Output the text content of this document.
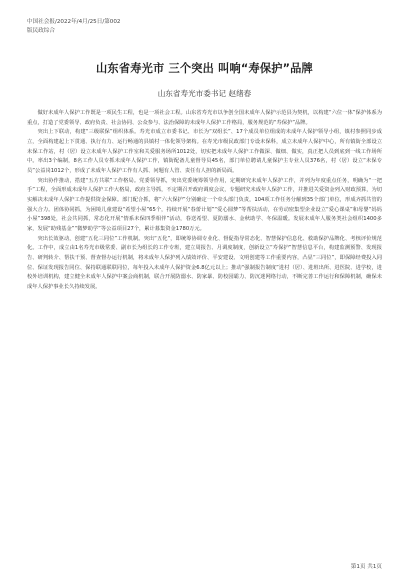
中国社会报/2022年/4月/25日/第002
版民政综合
山东省寿光市 三个突出 叫响“寿保护”品牌
山东省寿光市委书记 赵绪春

做好未成年人保护工作既是一项民生工程，也是一项社会工程。山东省寿光市以争创全国未成年人保护示范县为契机，以构建“六位一体”保护体系为重点，打造了党委领导、政府负责、社会协同、公众参与、法治保障的未成年人保护工作格局，服务规范的“寿保护”品牌。

突出上下联动，构建“三级联保”组织体系。寿光市成立市委书记、市长为“双组长”、17个成员单位组成的未成年人保护领导小组，镇村参照同步成立，全面构建起上下贯通、执行有力、运行畅通的县镇村一体化领导架构。在寿光市级民政部门专设未保科，成立未成年人保护中心，所有镇街全部设立未保工作站，村（居）设立未成年人保护工作室和关爱服务场所1012处，切实把未成年人保护工作做深、做细、做实，真正把人员到底到一线工作场所中。率出3个编制，8名工作人员专抓未成年人保护工作，镇街配备儿童督导员45名，部门单位聘请儿童保护主专业人员376名，村（居）设立“未保专员”公益岗1012个，形成了未成年人保护工作有人抓、问题有人管、责任有人担的新局面。

突出协作推动，搭建“五方共联”工作格局。党委领导抓，突出党委统筹领导作用，定期研究未成年人保护工作，并列为年度重点任务，明确为“一把手”工程，全面形成未成年人保护工作大格局，政府主导抓，不定期召开政府调度会议，专题研究未成年人保护工作，并推进关爱资金列入财政预算，为切实解决未成年人保护工作提供资金保障。部门配合抓，将“六大保护”分别确定一个牵头部门负责，104项工作任务分解到35个部门单位，形成齐抓共管的强大合力。团体协同抓，为困境儿童建设“希望小屋”65个，持续开展“春蕾计划”“爱心圆梦”等帮扶活动，在劳动密集型企业设立“爱心课桌”和母婴“妈妈小屋”398处，社会共同抓，常态化开展“情系未保四季相伴”活动，春送希望、夏防溺水、金秋助学、冬保温暖。发展未成年人服务类社会组织1400多家，发展“助残基金”“微梦助学”等公益项目27个，累计募集资金1780万元。

突出长效驱动，创建“五化三同位”工作机制。突出“五化”，即统筹协调专业化、督促指导常态化、智慧保护信息化、救助保护品牌化、考核评价规范化。工作中，成立由1名寿光市级常委、副市长为组长的工作专班，建立周报告、月调度制度，创新设立“寿保护”智慧信息平台，构建监测预警、发现报告、研判转介、帮扶干预、督查督办运行机制，将未成年人保护列入绩效评价、平安建设、文明创建等工作重要内容，凸显“三同位”，即保障经费投入同位、保证发现报告同位、保持联通联联同位，每年投入未成年人保护资金6.8亿元以上；推动“强制报告制度”进村（居）、进班出所、进医院、进学校，进校外培训机构，建立健全未成年人保护中案会商机制，联合开展防溺水、防家暴、防校园霸力、防沉迷网络行动，不断完善工作运行和保障机制，确保未成年人保护事业长久持续发展。

第1页 共1页
